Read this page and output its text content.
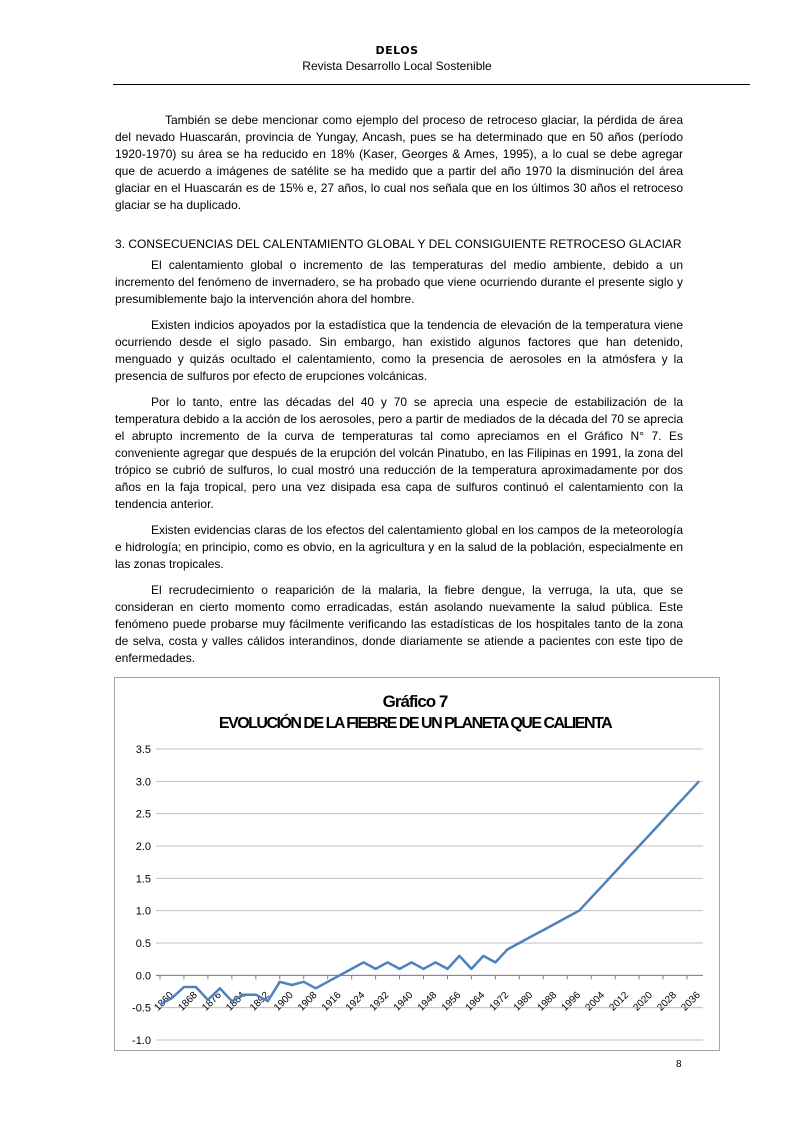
DELOS
Revista Desarrollo Local Sostenible

También se debe mencionar como ejemplo del proceso de retroceso glaciar, la pérdida de área del nevado Huascarán, provincia de Yungay, Ancash, pues se ha determinado que en 50 años (período 1920-1970) su área se ha reducido en 18% (Kaser, Georges & Ames, 1995), a lo cual se debe agregar que de acuerdo a imágenes de satélite se ha medido que a partir del año 1970 la disminución del área glaciar en el Huascarán es de 15% e, 27 años, lo cual nos señala que en los últimos 30 años el retroceso glaciar se ha duplicado.

3. CONSECUENCIAS DEL CALENTAMIENTO GLOBAL Y DEL CONSIGUIENTE RETROCESO GLACIAR

El calentamiento global o incremento de las temperaturas del medio ambiente, debido a un incremento del fenómeno de invernadero, se ha probado que viene ocurriendo durante el presente siglo y presumiblemente bajo la intervención ahora del hombre.

Existen indicios apoyados por la estadística que la tendencia de elevación de la temperatura viene ocurriendo desde el siglo pasado. Sin embargo, han existido algunos factores que han detenido, menguado y quizás ocultado el calentamiento, como la presencia de aerosoles en la atmósfera y la presencia de sulfuros por efecto de erupciones volcánicas.

Por lo tanto, entre las décadas del 40 y 70 se aprecia una especie de estabilización de la temperatura debido a la acción de los aerosoles, pero a partir de mediados de la década del 70 se aprecia el abrupto incremento de la curva de temperaturas tal como apreciamos en el Gráfico N° 7. Es conveniente agregar que después de la erupción del volcán Pinatubo, en las Filipinas en 1991, la zona del trópico se cubrió de sulfuros, lo cual mostró una reducción de la temperatura aproximadamente por dos años en la faja tropical, pero una vez disipada esa capa de sulfuros continuó el calentamiento con la tendencia anterior.

Existen evidencias claras de los efectos del calentamiento global en los campos de la meteorología e hidrología; en principio, como es obvio, en la agricultura y en la salud de la población, especialmente en las zonas tropicales.

El recrudecimiento o reaparición de la malaria, la fiebre dengue, la verruga, la uta, que se consideran en cierto momento como erradicadas, están asolando nuevamente la salud pública. Este fenómeno puede probarse muy fácilmente verificando las estadísticas de los hospitales tanto de la zona de selva, costa y valles cálidos interandinos, donde diariamente se atiende a pacientes con este tipo de enfermedades.

Gráfico 7
EVOLUCIÓN DE LA FIEBRE DE UN PLANETA QUE CALIENTA
3.5
3.0
2.5
2.0
1.5
1.0
0.5
0.0
-0.5
-1.0
1860 1868 1876 1884 1892 1900 1908 1916 1924 1932 1940 1948 1956 1964 1972 1980 1988 1996 2004 2012 2020 2028 2036
8
